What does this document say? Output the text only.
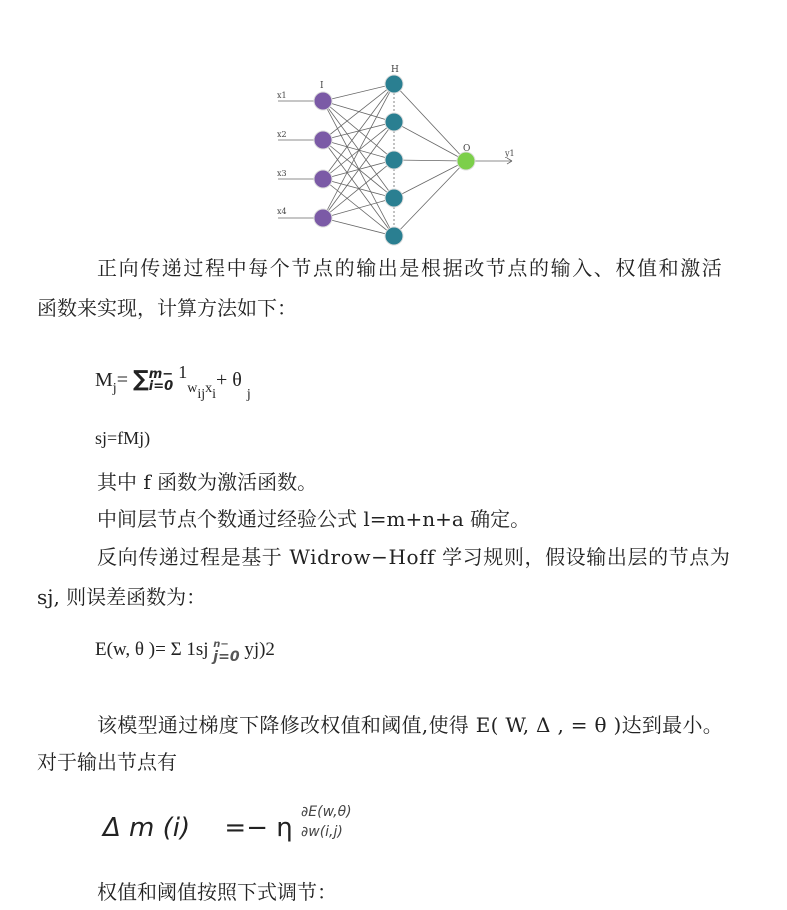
I
H
O
x1
x2
x3
x4
y1
正向传递过程中每个节点的输出是根据改节点的输入、权值和激活
函数来实现，计算方法如下：
$M_j=$ ∑ m−
i=0
$1_{wijxi}+ \theta$ $_j$
sj=fMj)
其中 f 函数为激活函数。
中间层节点个数通过经验公式 l=m+n+a 确定。
反向传递过程是基于 Widrow−Hoff 学习规则，假设输出层的节点为
sj, 则误差函数为：
E(w, θ )= Σ 1sj n−
j=0 yj)2
该模型通过梯度下降修改权值和阈值,使得 E( W, Δ , = θ )达到最小。
对于输出节点有
Δ m (i) =− η
∂E(w,θ)
∂w(i,j)
权值和阈值按照下式调节：
